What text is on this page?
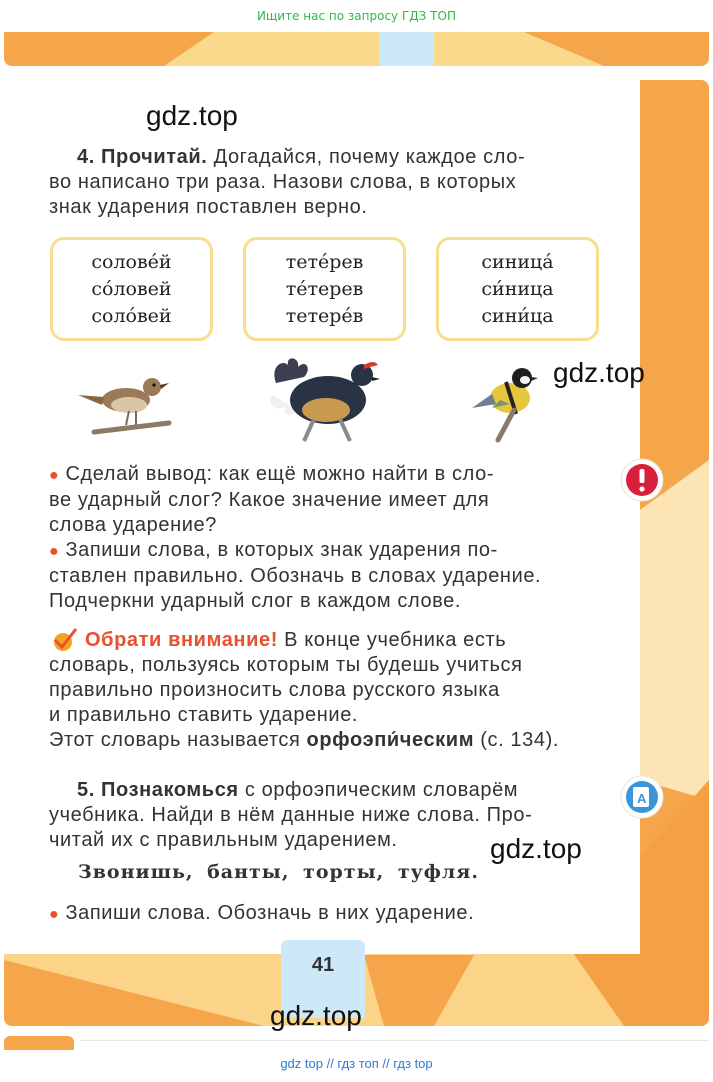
Ищите нас по запросу ГДЗ ТОП
gdz.top
4. Прочитай. Догадайся, почему каждое сло-
во написано три раза. Назови слова, в которых
знак ударения поставлен верно.
солове́й
со́ловей
соло́вей
тете́рев
те́терев
тетере́в
синица́
си́ница
сини́ца
gdz.top
● Сделай вывод: как ещё можно найти в сло-
ве ударный слог? Какое значение имеет для
слова ударение?
● Запиши слова, в которых знак ударения по-
ставлен правильно. Обозначь в словах ударение.
Подчеркни ударный слог в каждом слове.
Обрати внимание! В конце учебника есть
словарь, пользуясь которым ты будешь учиться
правильно произносить слова русского языка
и правильно ставить ударение.
Этот словарь называется орфоэпи́ческим (с. 134).
A
5. Познакомься с орфоэпическим словарём
учебника. Найди в нём данные ниже слова. Про-
читай их с правильным ударением.
Звонишь, банты, торты, туфля.
gdz.top
● Запиши слова. Обозначь в них ударение.
41
gdz.top
gdz top // гдз топ // гдз top
